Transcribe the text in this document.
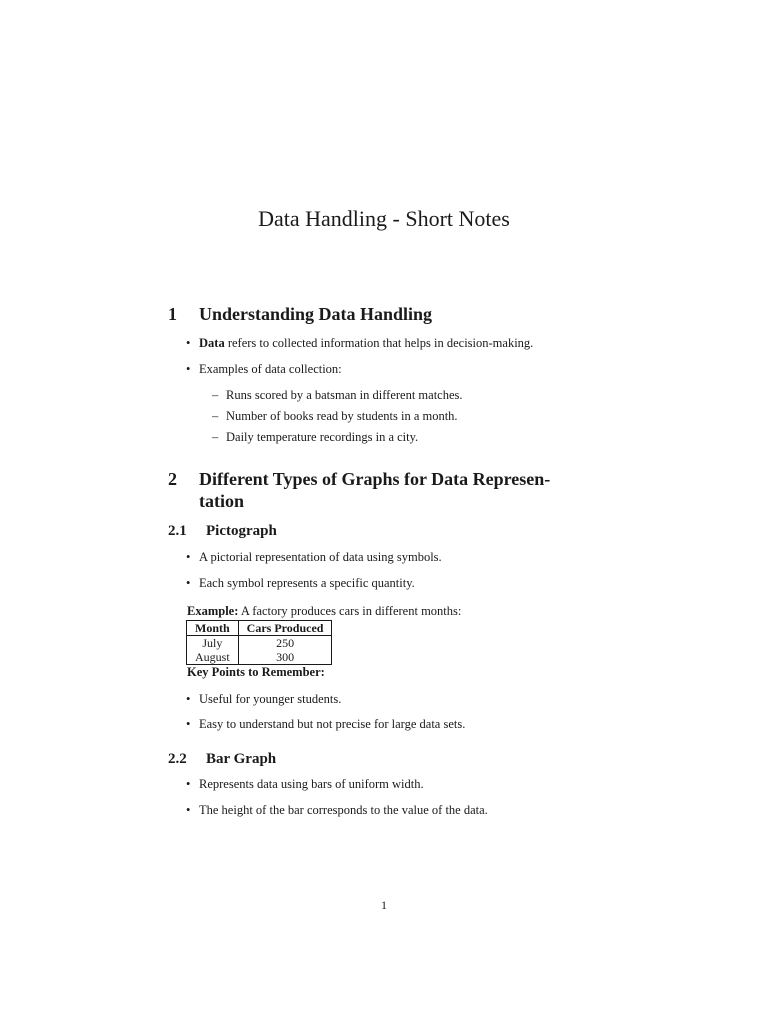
Data Handling - Short Notes
1 Understanding Data Handling
• Data refers to collected information that helps in decision-making.
• Examples of data collection:
– Runs scored by a batsman in different matches.
– Number of books read by students in a month.
– Daily temperature recordings in a city.
2 Different Types of Graphs for Data Represen-
tation
2.1 Pictograph
• A pictorial representation of data using symbols.
• Each symbol represents a specific quantity.
Example: A factory produces cars in different months:
Month	Cars Produced
July	250
August	300
Key Points to Remember:
• Useful for younger students.
• Easy to understand but not precise for large data sets.
2.2 Bar Graph
• Represents data using bars of uniform width.
• The height of the bar corresponds to the value of the data.
1
